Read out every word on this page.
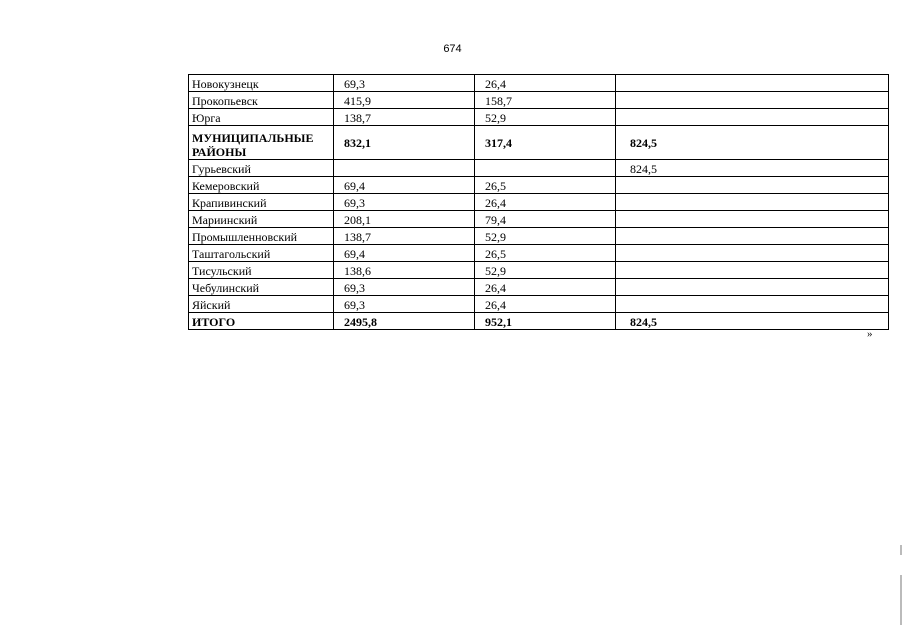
674
Новокузнецк	69,3	26,4	
Прокопьевск	415,9	158,7	
Юрга	138,7	52,9	
МУНИЦИПАЛЬНЫЕ РАЙОНЫ	832,1	317,4	824,5
Гурьевский			824,5
Кемеровский	69,4	26,5	
Крапивинский	69,3	26,4	
Мариинский	208,1	79,4	
Промышленновский	138,7	52,9	
Таштагольский	69,4	26,5	
Тисульский	138,6	52,9	
Чебулинский	69,3	26,4	
Яйский	69,3	26,4	
ИТОГО	2495,8	952,1	824,5
»
